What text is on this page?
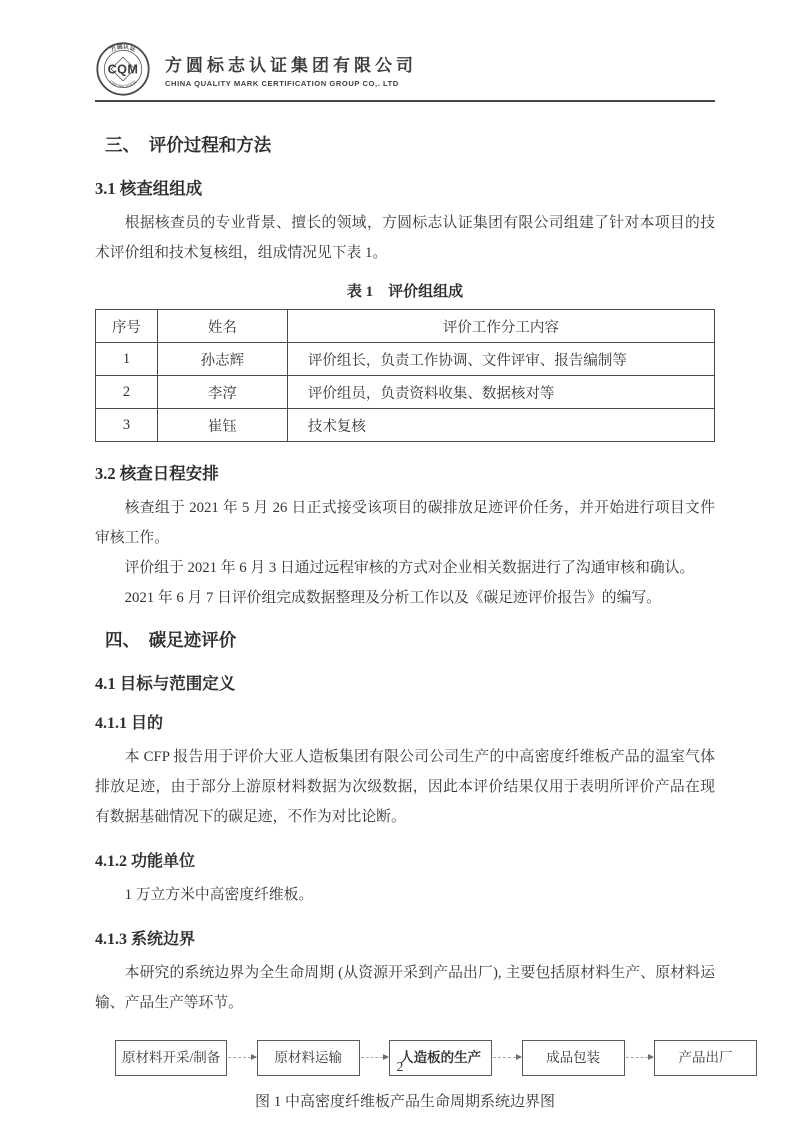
方圆认证
CERTIFICATION
CQM 方圆标志认证集团有限公司
CHINA QUALITY MARK CERTIFICATION GROUP CO,. LTD
三、　评价过程和方法
3.1 核查组组成

根据核查员的专业背景、擅长的领域，方圆标志认证集团有限公司组建了针对本项目的技术评价组和技术复核组，组成情况见下表 1。

表 1　评价组组成
序号	姓名	评价工作分工内容
1	孙志辉	评价组长，负责工作协调、文件评审、报告编制等
2	李淳	评价组员，负责资料收集、数据核对等
3	崔钰	技术复核
3.2 核查日程安排

核查组于 2021 年 5 月 26 日正式接受该项目的碳排放足迹评价任务，并开始进行项目文件审核工作。

评价组于 2021 年 6 月 3 日通过远程审核的方式对企业相关数据进行了沟通审核和确认。

2021 年 6 月 7 日评价组完成数据整理及分析工作以及《碳足迹评价报告》的编写。

四、　碳足迹评价
4.1 目标与范围定义
4.1.1 目的

本 CFP 报告用于评价大亚人造板集团有限公司公司生产的中高密度纤维板产品的温室气体排放足迹，由于部分上游原材料数据为次级数据，因此本评价结果仅用于表明所评价产品在现有数据基础情况下的碳足迹，不作为对比论断。

4.1.2 功能单位

1 万立方米中高密度纤维板。

4.1.3 系统边界

本研究的系统边界为全生命周期 (从资源开采到产品出厂), 主要包括原材料生产、原材料运输、产品生产等环节。

原材料开采/制备	原材料运输	人造板的生产	成品包装	产品出厂
图 1 中高密度纤维板产品生命周期系统边界图
2
